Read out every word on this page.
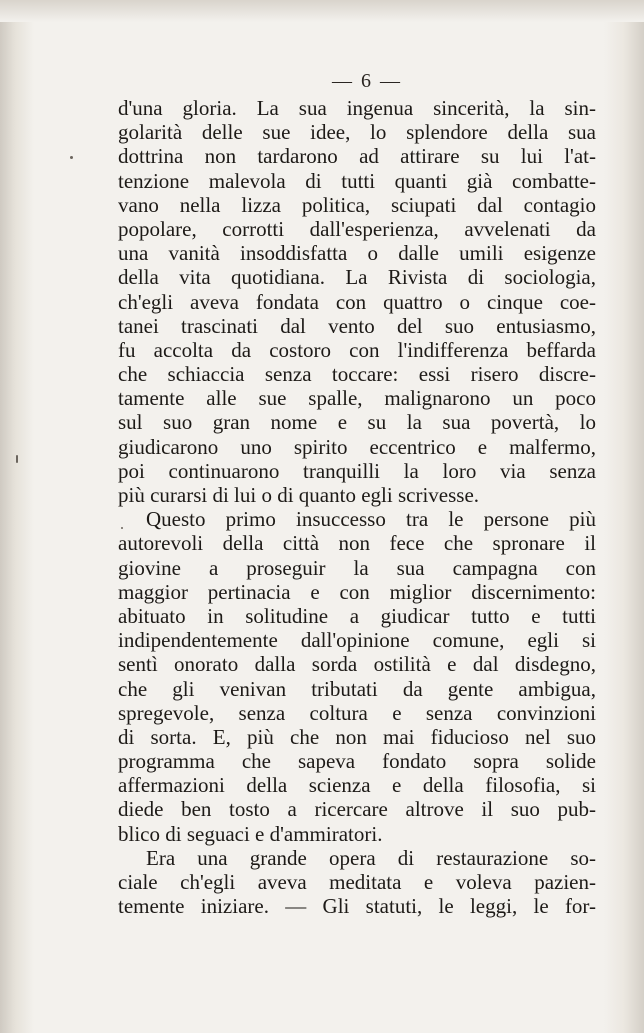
— 6 —
d'una gloria. La sua ingenua sincerità, la sin-
golarità delle sue idee, lo splendore della sua
dottrina non tardarono ad attirare su lui l'at-
tenzione malevola di tutti quanti già combatte-
vano nella lizza politica, sciupati dal contagio
popolare, corrotti dall'esperienza, avvelenati da
una vanità insoddisfatta o dalle umili esigenze
della vita quotidiana. La Rivista di sociologia,
ch'egli aveva fondata con quattro o cinque coe-
tanei trascinati dal vento del suo entusiasmo,
fu accolta da costoro con l'indifferenza beffarda
che schiaccia senza toccare: essi risero discre-
tamente alle sue spalle, malignarono un poco
sul suo gran nome e su la sua povertà, lo
giudicarono uno spirito eccentrico e malfermo,
poi continuarono tranquilli la loro via senza
più curarsi di lui o di quanto egli scrivesse.
Questo primo insuccesso tra le persone più
autorevoli della città non fece che spronare il
giovine a proseguir la sua campagna con
maggior pertinacia e con miglior discernimento:
abituato in solitudine a giudicar tutto e tutti
indipendentemente dall'opinione comune, egli si
sentì onorato dalla sorda ostilità e dal disdegno,
che gli venivan tributati da gente ambigua,
spregevole, senza coltura e senza convinzioni
di sorta. E, più che non mai fiducioso nel suo
programma che sapeva fondato sopra solide
affermazioni della scienza e della filosofia, si
diede ben tosto a ricercare altrove il suo pub-
blico di seguaci e d'ammiratori.
Era una grande opera di restaurazione so-
ciale ch'egli aveva meditata e voleva pazien-
temente iniziare. — Gli statuti, le leggi, le for-
